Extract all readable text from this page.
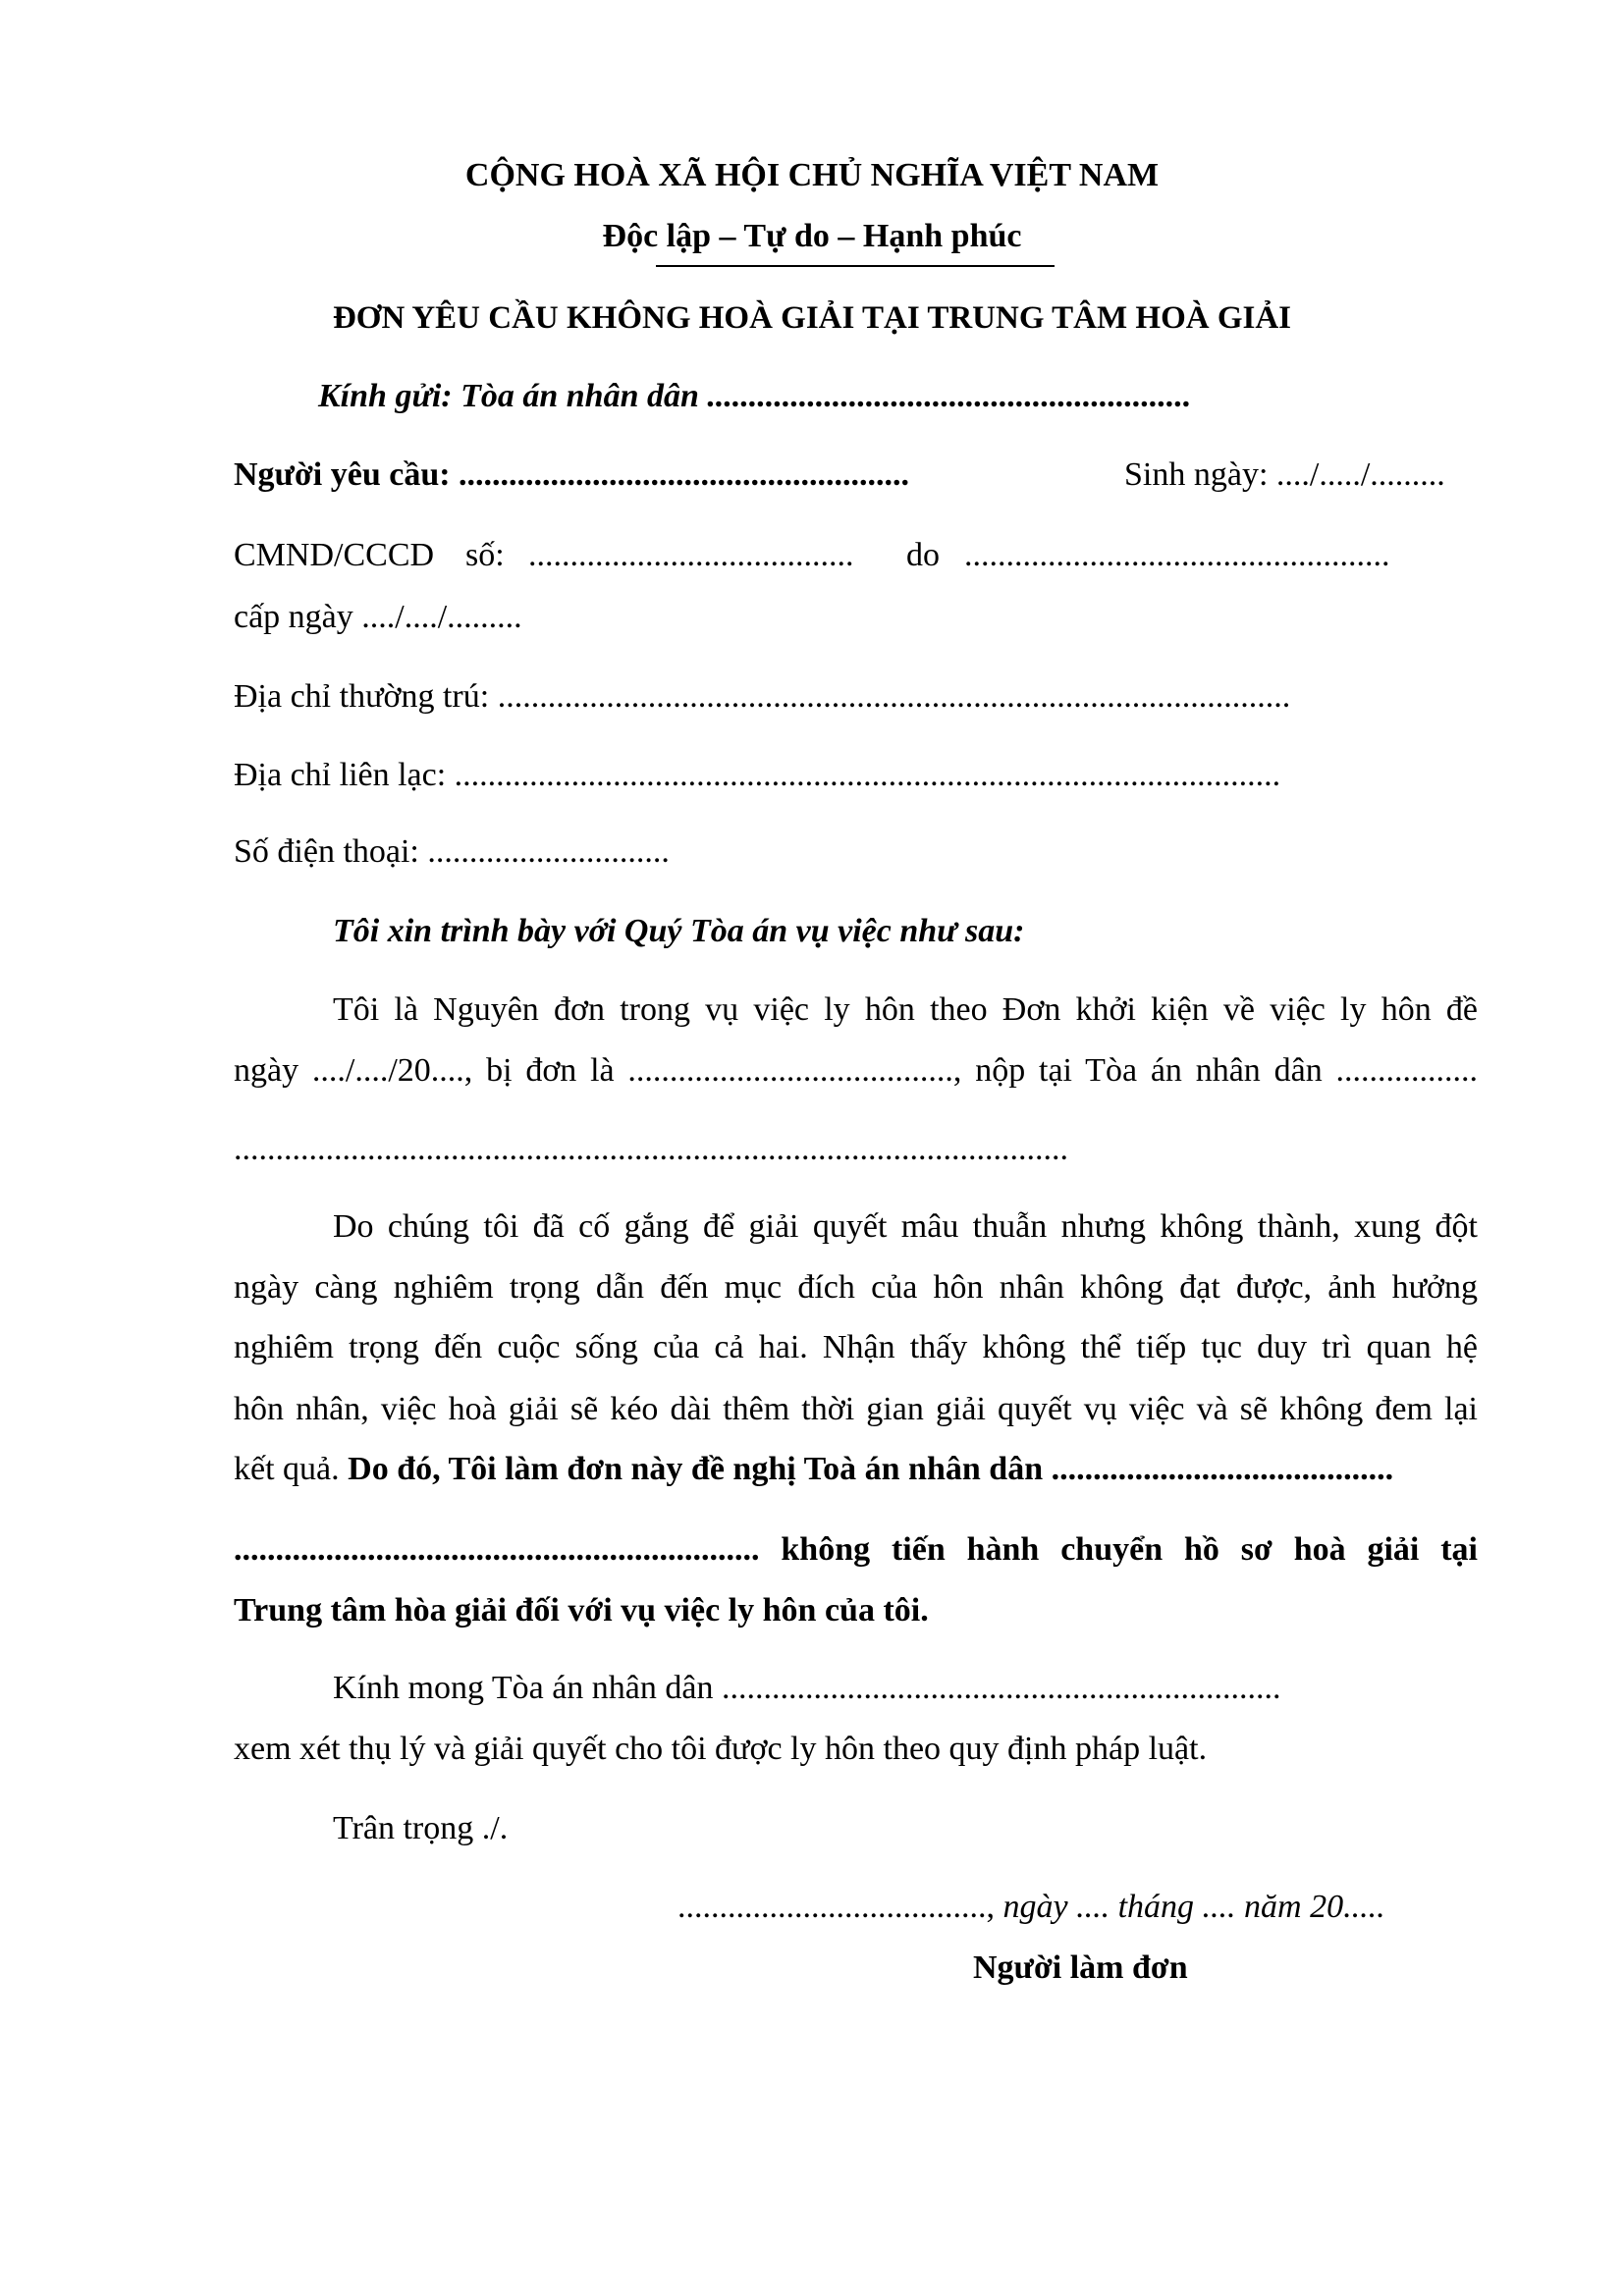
CỘNG HOÀ XÃ HỘI CHỦ NGHĨA VIỆT NAM
Độc lập – Tự do – Hạnh phúc
ĐƠN YÊU CẦU KHÔNG HOÀ GIẢI TẠI TRUNG TÂM HOÀ GIẢI
Kính gửi: Tòa án nhân dân ..........................................................
Người yêu cầu: ......................................................	Sinh ngày: ..../...../.........
CMND/CCCD số: ....................................... do ...................................................
cấp ngày ..../..../.........
Địa chỉ thường trú: ...............................................................................................
Địa chỉ liên lạc: ...................................................................................................
Số điện thoại: .............................
Tôi xin trình bày với Quý Tòa án vụ việc như sau:
Tôi là Nguyên đơn trong vụ việc ly hôn theo Đơn khởi kiện về việc ly hôn đề
ngày ..../..../20...., bị đơn là ......................................., nộp tại Tòa án nhân dân .................
....................................................................................................
Do chúng tôi đã cố gắng để giải quyết mâu thuẫn nhưng không thành, xung đột
ngày càng nghiêm trọng dẫn đến mục đích của hôn nhân không đạt được, ảnh hưởng
nghiêm trọng đến cuộc sống của cả hai. Nhận thấy không thể tiếp tục duy trì quan hệ
hôn nhân, việc hoà giải sẽ kéo dài thêm thời gian giải quyết vụ việc và sẽ không đem lại
kết quả. Do đó, Tôi làm đơn này đề nghị Toà án nhân dân .........................................
............................................................... không tiến hành chuyển hồ sơ hoà giải tại
Trung tâm hòa giải đối với vụ việc ly hôn của tôi.
Kính mong Tòa án nhân dân ...................................................................
xem xét thụ lý và giải quyết cho tôi được ly hôn theo quy định pháp luật.
Trân trọng ./.
....................................., ngày .... tháng .... năm 20.....
Người làm đơn
